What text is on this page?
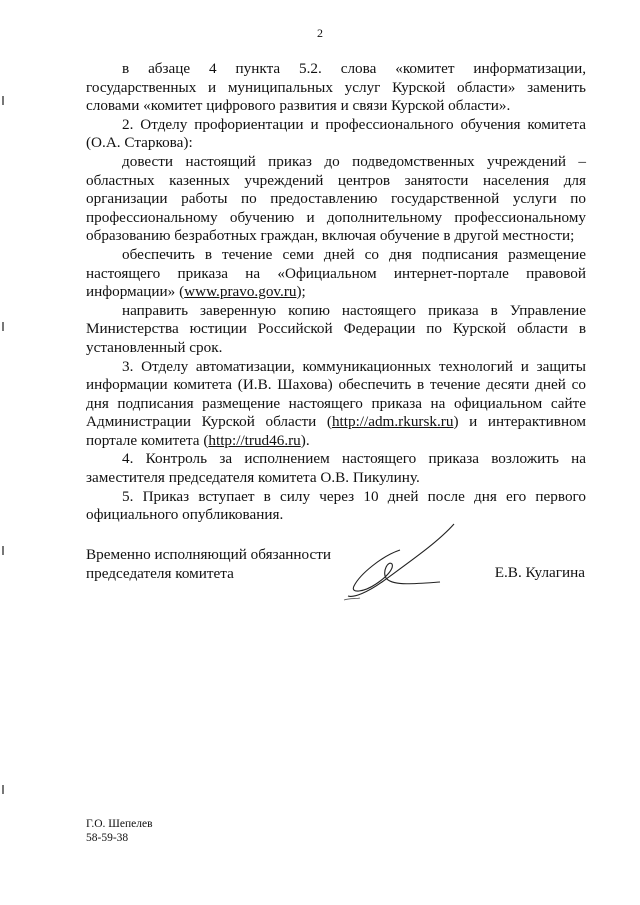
2

в абзаце 4 пункта 5.2. слова «комитет информатизации, государственных и муниципальных услуг Курской области» заменить словами «комитет цифрового развития и связи Курской области».

2. Отделу профориентации и профессионального обучения комитета (О.А. Старкова):

довести настоящий приказ до подведомственных учреждений – областных казенных учреждений центров занятости населения для организации работы по предоставлению государственной услуги по профессиональному обучению и дополнительному профессиональному образованию безработных граждан, включая обучение в другой местности;

обеспечить в течение семи дней со дня подписания размещение настоящего приказа на «Официальном интернет-портале правовой информации» (www.pravo.gov.ru);

направить заверенную копию настоящего приказа в Управление Министерства юстиции Российской Федерации по Курской области в установленный срок.

3. Отделу автоматизации, коммуникационных технологий и защиты информации комитета (И.В. Шахова) обеспечить в течение десяти дней со дня подписания размещение настоящего приказа на официальном сайте Администрации Курской области (http://adm.rkursk.ru) и интерактивном портале комитета (http://trud46.ru).

4. Контроль за исполнением настоящего приказа возложить на заместителя председателя комитета О.В. Пикулину.

5. Приказ вступает в силу через 10 дней после дня его первого официального опубликования.

Временно исполняющий обязанности
председателя комитета	Е.В. Кулагина
Г.О. Шепелев
58-59-38
